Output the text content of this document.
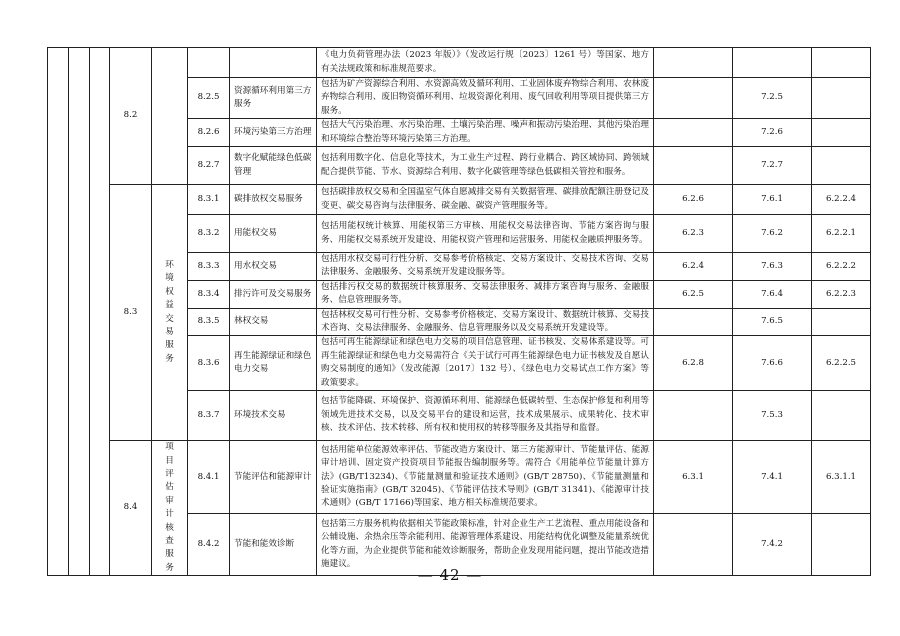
			8.2				《电力负荷管理办法（2023 年版）》（发改运行规〔2023〕1261 号）等国家、地方有关法规政策和标准规范要求。			
					8.2.5	资源循环利用第三方服务	包括为矿产资源综合利用、水资源高效及循环利用、工业固体废弃物综合利用、农林废弃物综合利用、废旧物资循环利用、垃圾资源化利用、废气回收利用等项目提供第三方服务。		7.2.5	
					8.2.6	环境污染第三方治理	包括大气污染治理、水污染治理、土壤污染治理、噪声和振动污染治理、其他污染治理和环境综合整治等环境污染第三方治理。		7.2.6	
					8.2.7	数字化赋能绿色低碳管理	包括利用数字化、信息化等技术，为工业生产过程、跨行业耦合、跨区域协同、跨领域配合提供节能、节水、资源综合利用、数字化碳管理等绿色低碳相关管控和服务。		7.2.7	
			8.3	环境权益交易服务	8.3.1	碳排放权交易服务	包括碳排放权交易和全国温室气体自愿减排交易有关数据管理、碳排放配额注册登记及变更、碳交易咨询与法律服务、碳金融、碳资产管理服务等。	6.2.6	7.6.1	6.2.2.4
					8.3.2	用能权交易	包括用能权统计核算、用能权第三方审核、用能权交易法律咨询、节能方案咨询与服务、用能权交易系统开发建设、用能权资产管理和运营服务、用能权金融质押服务等。	6.2.3	7.6.2	6.2.2.1
					8.3.3	用水权交易	包括用水权交易可行性分析、交易参考价格核定、交易方案设计、交易技术咨询、交易法律服务、金融服务、交易系统开发建设服务等。	6.2.4	7.6.3	6.2.2.2
					8.3.4	排污许可及交易服务	包括排污权交易的数据统计核算服务、交易法律服务、减排方案咨询与服务、金融服务、信息管理服务等。	6.2.5	7.6.4	6.2.2.3
					8.3.5	林权交易	包括林权交易可行性分析、交易参考价格核定、交易方案设计、数据统计核算、交易技术咨询、交易法律服务、金融服务、信息管理服务以及交易系统开发建设等。		7.6.5	
					8.3.6	再生能源绿证和绿色电力交易	包括可再生能源绿证和绿色电力交易的项目信息管理、证书核发、交易体系建设等。可再生能源绿证和绿色电力交易需符合《关于试行可再生能源绿色电力证书核发及自愿认购交易制度的通知》（发改能源〔2017〕132 号）、《绿色电力交易试点工作方案》等政策要求。	6.2.8	7.6.6	6.2.2.5
					8.3.7	环境技术交易	包括节能降碳、环境保护、资源循环利用、能源绿色低碳转型、生态保护修复和利用等领域先进技术交易，以及交易平台的建设和运营，技术成果展示、成果转化、技术审核、技术评估、技术转移、所有权和使用权的转移等服务及其指导和监督。		7.5.3	
			8.4	项目评估审计核查服务	8.4.1	节能评估和能源审计	包括用能单位能源效率评估、节能改造方案设计、第三方能源审计、节能量评估、能源审计培训、固定资产投资项目节能报告编制服务等。需符合《用能单位节能量计算方法》(GB/T13234)、《节能量测量和验证技术通则》(GB/T 28750)、《节能量测量和验证实施指南》(GB/T 32045)、《节能评估技术导则》(GB/T 31341)、《能源审计技术通则》(GB/T 17166)等国家、地方相关标准规范要求。	6.3.1	7.4.1	6.3.1.1
					8.4.2	节能和能效诊断	包括第三方服务机构依据相关节能政策标准，针对企业生产工艺流程、重点用能设备和公辅设施、余热余压等余能利用、能源管理体系建设、用能结构优化调整及能量系统优化等方面，为企业提供节能和能效诊断服务，帮助企业发现用能问题，提出节能改造措施建议。		7.4.2	
— 42 —
